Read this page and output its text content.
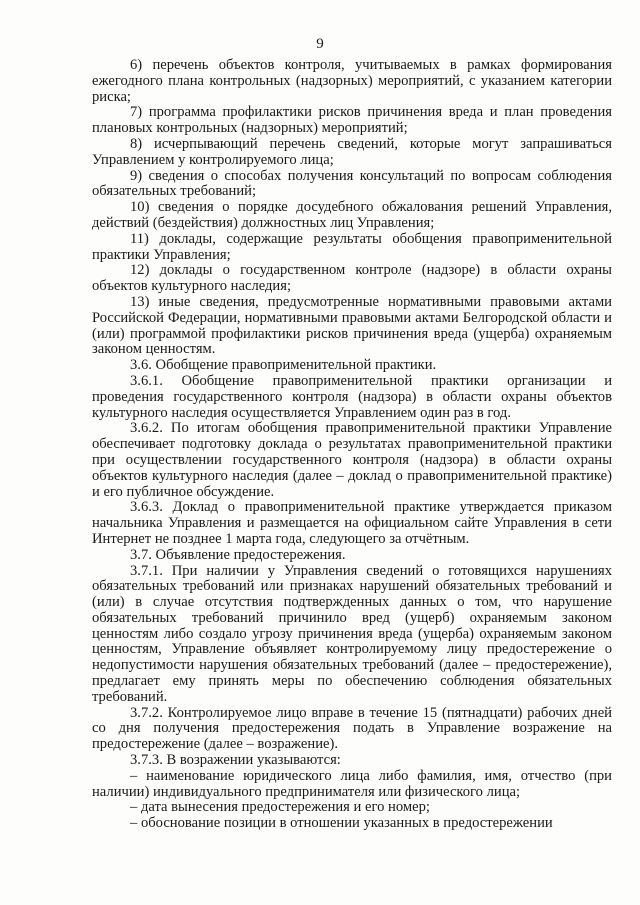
9

6) перечень объектов контроля, учитываемых в рамках формирования ежегодного плана контрольных (надзорных) мероприятий, с указанием категории риска;

7) программа профилактики рисков причинения вреда и план проведения плановых контрольных (надзорных) мероприятий;

8) исчерпывающий перечень сведений, которые могут запрашиваться Управлением у контролируемого лица;

9) сведения о способах получения консультаций по вопросам соблюдения обязательных требований;

10) сведения о порядке досудебного обжалования решений Управления, действий (бездействия) должностных лиц Управления;

11) доклады, содержащие результаты обобщения правоприменительной практики Управления;

12) доклады о государственном контроле (надзоре) в области охраны объектов культурного наследия;

13) иные сведения, предусмотренные нормативными правовыми актами Российской Федерации, нормативными правовыми актами Белгородской области и (или) программой профилактики рисков причинения вреда (ущерба) охраняемым законом ценностям.

3.6. Обобщение правоприменительной практики.

3.6.1. Обобщение правоприменительной практики организации и проведения государственного контроля (надзора) в области охраны объектов культурного наследия осуществляется Управлением один раз в год.

3.6.2. По итогам обобщения правоприменительной практики Управление обеспечивает подготовку доклада о результатах правоприменительной практики при осуществлении государственного контроля (надзора) в области охраны объектов культурного наследия (далее – доклад о правоприменительной практике) и его публичное обсуждение.

3.6.3. Доклад о правоприменительной практике утверждается приказом начальника Управления и размещается на официальном сайте Управления в сети Интернет не позднее 1 марта года, следующего за отчётным.

3.7. Объявление предостережения.

3.7.1. При наличии у Управления сведений о готовящихся нарушениях обязательных требований или признаках нарушений обязательных требований и (или) в случае отсутствия подтвержденных данных о том, что нарушение обязательных требований причинило вред (ущерб) охраняемым законом ценностям либо создало угрозу причинения вреда (ущерба) охраняемым законом ценностям, Управление объявляет контролируемому лицу предостережение о недопустимости нарушения обязательных требований (далее – предостережение), предлагает ему принять меры по обеспечению соблюдения обязательных требований.

3.7.2. Контролируемое лицо вправе в течение 15 (пятнадцати) рабочих дней со дня получения предостережения подать в Управление возражение на предостережение (далее – возражение).

3.7.3. В возражении указываются:

– наименование юридического лица либо фамилия, имя, отчество (при наличии) индивидуального предпринимателя или физического лица;

– дата вынесения предостережения и его номер;

– обоснование позиции в отношении указанных в предостережении
